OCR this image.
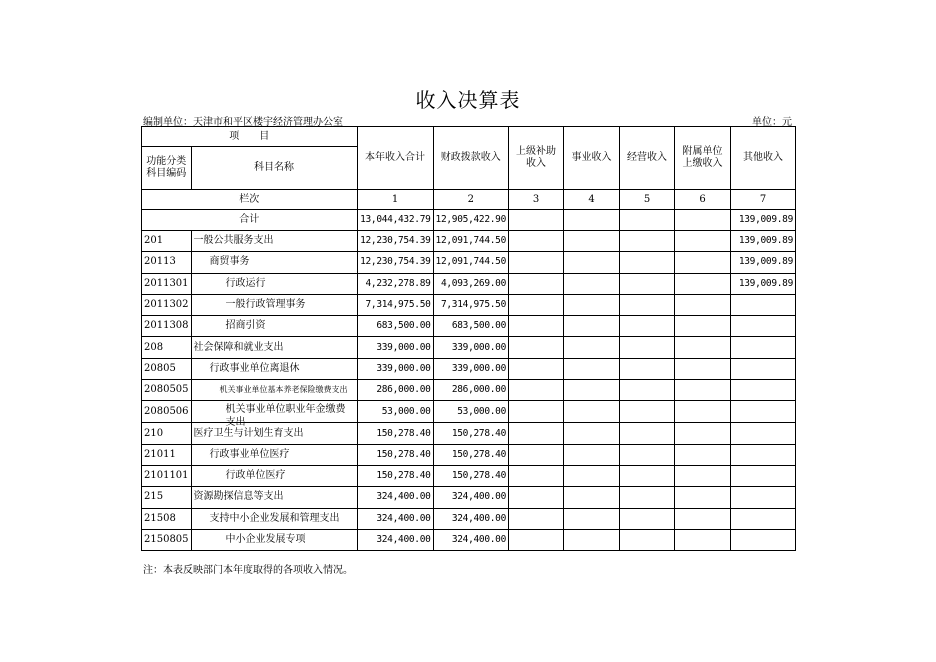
收入决算表
编制单位：天津市和平区楼宇经济管理办公室	单位：元
项　　目		本年收入合计	财政拨款收入	上级补助 收入	事业收入	经营收入	附属单位 上缴收入	其他收入
功能分类 科目编码	科目名称							
栏次		1	2	3	4	5	6	7
合计		13,044,432.79	12,905,422.90					139,009.89
201	一般公共服务支出	12,230,754.39	12,091,744.50					139,009.89
20113	商贸事务	12,230,754.39	12,091,744.50					139,009.89
2011301	行政运行	4,232,278.89	4,093,269.00					139,009.89
2011302	一般行政管理事务	7,314,975.50	7,314,975.50					
2011308	招商引资	683,500.00	683,500.00					
208	社会保障和就业支出	339,000.00	339,000.00					
20805	行政事业单位离退休	339,000.00	339,000.00					
2080505	机关事业单位基本养老保险缴费支出	286,000.00	286,000.00					
2080506	机关事业单位职业年金缴费支出	53,000.00	53,000.00					
210	医疗卫生与计划生育支出	150,278.40	150,278.40					
21011	行政事业单位医疗	150,278.40	150,278.40					
2101101	行政单位医疗	150,278.40	150,278.40					
215	资源勘探信息等支出	324,400.00	324,400.00					
21508	支持中小企业发展和管理支出	324,400.00	324,400.00					
2150805	中小企业发展专项	324,400.00	324,400.00					
注：本表反映部门本年度取得的各项收入情况。
